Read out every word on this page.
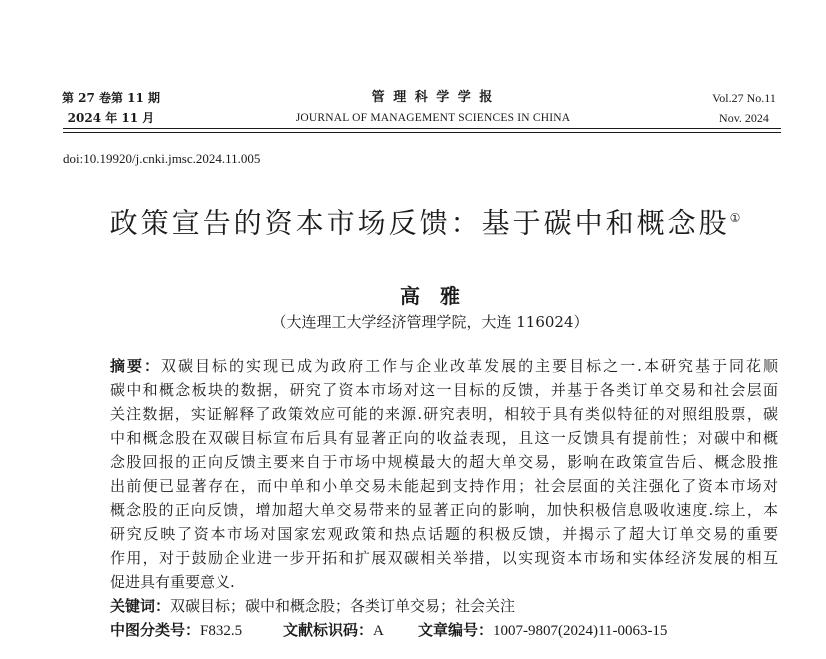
第 27 卷第 11 期
2024 年 11 月
管 理 科 学 学 报
JOURNAL OF MANAGEMENT SCIENCES IN CHINA
Vol.27 No.11
Nov. 2024
doi:10.19920/j.cnki.jmsc.2024.11.005
政策宣告的资本市场反馈：基于碳中和概念股①
高　雅
（大连理工大学经济管理学院，大连 116024）
摘要：双碳目标的实现已成为政府工作与企业改革发展的主要目标之一.本研究基于同花顺
碳中和概念板块的数据，研究了资本市场对这一目标的反馈，并基于各类订单交易和社会层面
关注数据，实证解释了政策效应可能的来源.研究表明，相较于具有类似特征的对照组股票，碳
中和概念股在双碳目标宣布后具有显著正向的收益表现，且这一反馈具有提前性；对碳中和概
念股回报的正向反馈主要来自于市场中规模最大的超大单交易，影响在政策宣告后、概念股推
出前便已显著存在，而中单和小单交易未能起到支持作用；社会层面的关注强化了资本市场对
概念股的正向反馈，增加超大单交易带来的显著正向的影响，加快积极信息吸收速度.综上，本
研究反映了资本市场对国家宏观政策和热点话题的积极反馈，并揭示了超大订单交易的重要
作用，对于鼓励企业进一步开拓和扩展双碳相关举措，以实现资本市场和实体经济发展的相互
促进具有重要意义.
关键词：双碳目标；碳中和概念股；各类订单交易；社会关注
中图分类号：F832.5	文献标识码：A 文章编号：1007-9807(2024)11-0063-15
